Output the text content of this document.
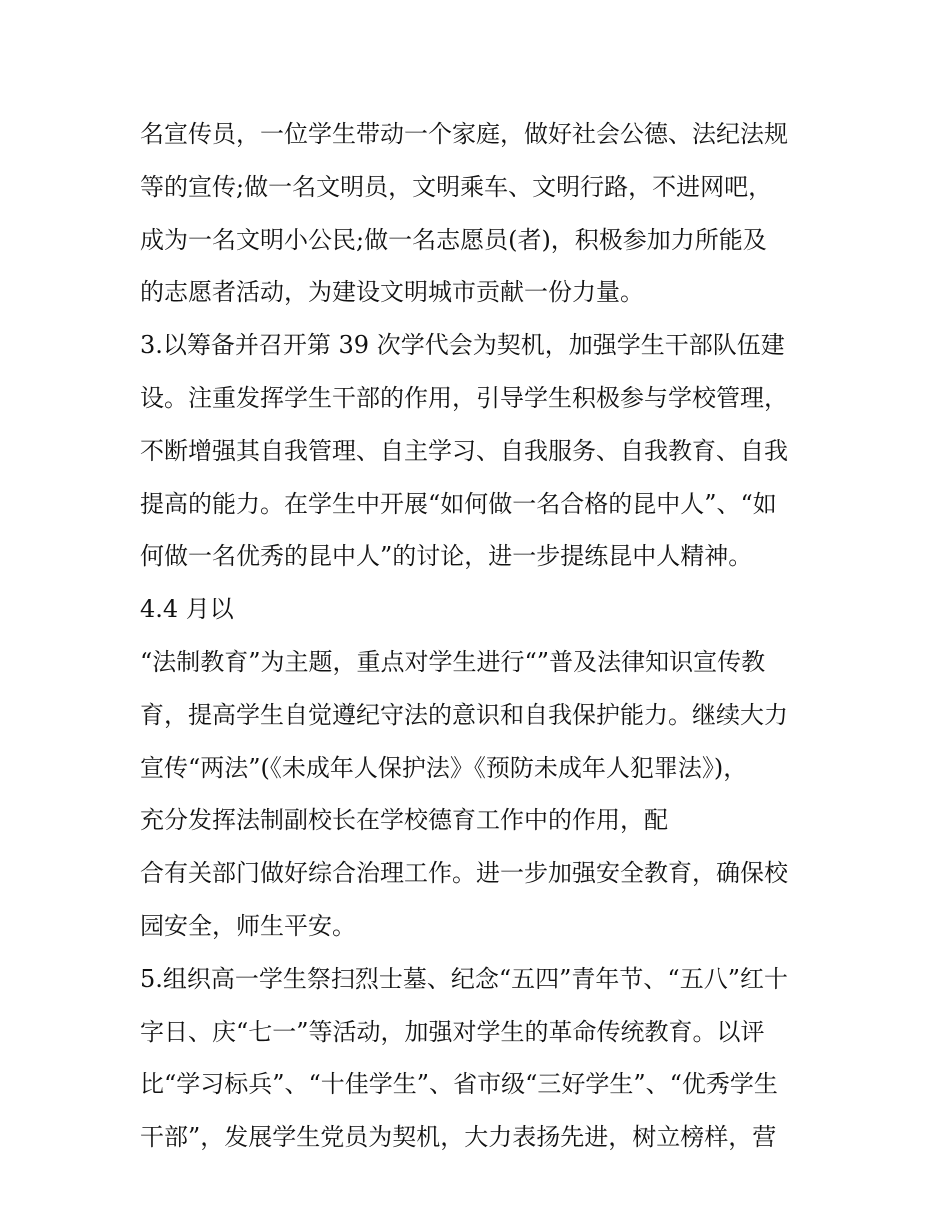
名宣传员，一位学生带动一个家庭，做好社会公德、法纪法规
等的宣传;做一名文明员，文明乘车、文明行路，不进网吧，
成为一名文明小公民;做一名志愿员(者)，积极参加力所能及
的志愿者活动，为建设文明城市贡献一份力量。
3.以筹备并召开第 39 次学代会为契机，加强学生干部队伍建
设。注重发挥学生干部的作用，引导学生积极参与学校管理，
不断增强其自我管理、自主学习、自我服务、自我教育、自我
提高的能力。在学生中开展“如何做一名合格的昆中人”、“如
何做一名优秀的昆中人”的讨论，进一步提练昆中人精神。
4.4 月以
“法制教育”为主题，重点对学生进行“”普及法律知识宣传教
育，提高学生自觉遵纪守法的意识和自我保护能力。继续大力
宣传“两法”(《未成年人保护法》《预防未成年人犯罪法》)，
充分发挥法制副校长在学校德育工作中的作用，配
合有关部门做好综合治理工作。进一步加强安全教育，确保校
园安全，师生平安。
5.组织高一学生祭扫烈士墓、纪念“五四”青年节、“五八”红十
字日、庆“七一”等活动，加强对学生的革命传统教育。以评
比“学习标兵”、“十佳学生”、省市级“三好学生”、“优秀学生
干部”，发展学生党员为契机，大力表扬先进，树立榜样，营
